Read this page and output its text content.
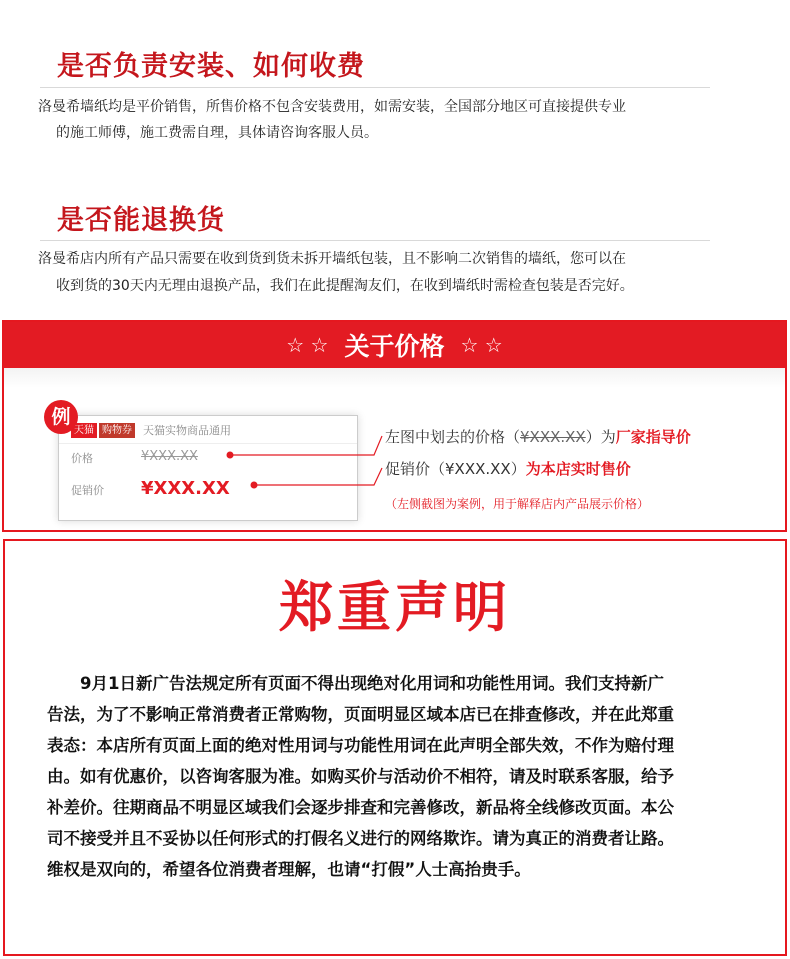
是否负责安装、如何收费
洛曼希墙纸均是平价销售，所售价格不包含安装费用，如需安装，全国部分地区可直接提供专业
的施工师傅，施工费需自理，具体请咨询客服人员。
是否能退换货
洛曼希店内所有产品只需要在收到货到货未拆开墙纸包装，且不影响二次销售的墙纸，您可以在
收到货的30天内无理由退换产品，我们在此提醒淘友们，在收到墙纸时需检查包装是否完好。
☆ ☆ 关于价格 ☆ ☆
例
天猫 购物券 天猫实物商品通用
价格	¥XXX.XX
促销价 ¥XXX.XX
左图中划去的价格（¥XXX.XX）为厂家指导价
促销价（¥XXX.XX）为本店实时售价
（左侧截图为案例，用于解释店内产品展示价格）
郑重声明
　　9月1日新广告法规定所有页面不得出现绝对化用词和功能性用词。我们支持新广
告法，为了不影响正常消费者正常购物，页面明显区域本店已在排查修改，并在此郑重
表态：本店所有页面上面的绝对性用词与功能性用词在此声明全部失效，不作为赔付理
由。如有优惠价，以咨询客服为准。如购买价与活动价不相符，请及时联系客服，给予
补差价。往期商品不明显区域我们会逐步排查和完善修改，新品将全线修改页面。本公
司不接受并且不妥协以任何形式的打假名义进行的网络欺诈。请为真正的消费者让路。
维权是双向的，希望各位消费者理解，也请“打假”人士高抬贵手。
